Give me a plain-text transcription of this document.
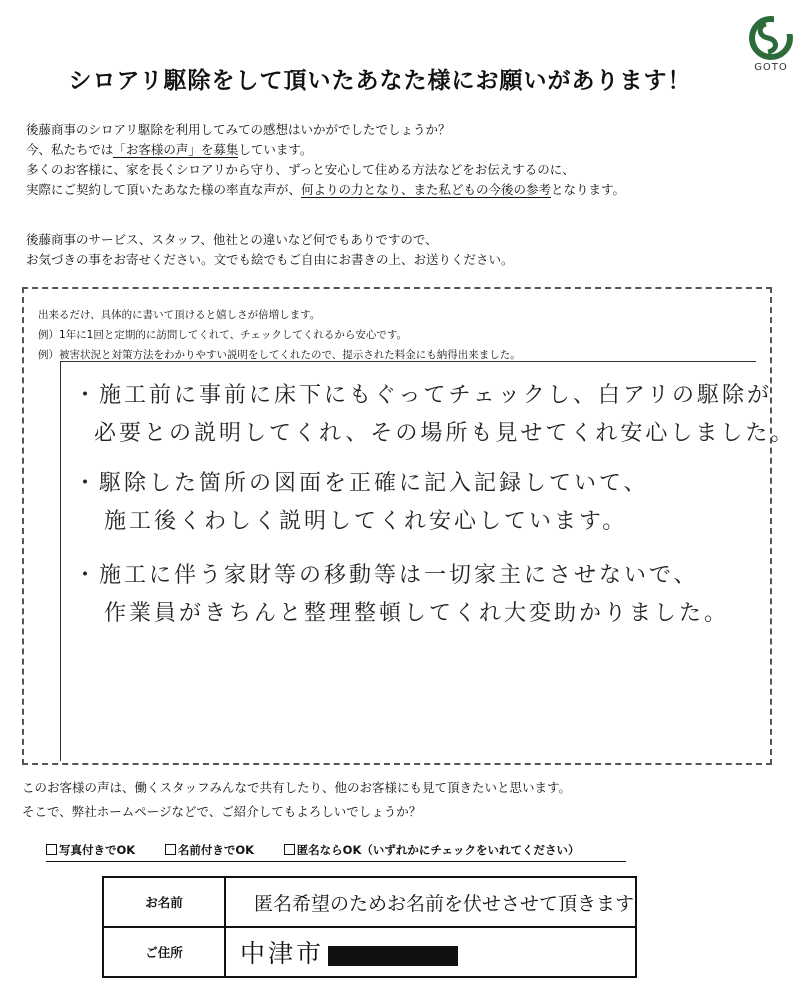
GOTO
シロアリ駆除をして頂いたあなた様にお願いがあります！

後藤商事のシロアリ駆除を利用してみての感想はいかがでしたでしょうか？

今、私たちでは「お客様の声」を募集しています。

多くのお客様に、家を長くシロアリから守り、ずっと安心して住める方法などをお伝えするのに、

実際にご契約して頂いたあなた様の率直な声が、何よりの力となり、また私どもの今後の参考となります。

後藤商事のサービス、スタッフ、他社との違いなど何でもありですので、

お気づきの事をお寄せください。文でも絵でもご自由にお書きの上、お送りください。

出来るだけ、具体的に書いて頂けると嬉しさが倍増します。

例）1年に1回と定期的に訪問してくれて、チェックしてくれるから安心です。

例）被害状況と対策方法をわかりやすい説明をしてくれたので、提示された料金にも納得出来ました。

・施工前に事前に床下にもぐってチェックし、白アリの駆除が

必要との説明してくれ、その場所も見せてくれ安心しました。

・駆除した箇所の図面を正確に記入記録していて、

施工後くわしく説明してくれ安心しています。

・施工に伴う家財等の移動等は一切家主にさせないで、

作業員がきちんと整理整頓してくれ大変助かりました。

このお客様の声は、働くスタッフみんなで共有したり、他のお客様にも見て頂きたいと思います。

そこで、弊社ホームページなどで、ご紹介してもよろしいでしょうか？

写真付きでOK	名前付きでOK	匿名ならOK（いずれかにチェックをいれてください）
お名前	匿名希望のためお名前を伏せさせて頂きます
ご住所	中津市
